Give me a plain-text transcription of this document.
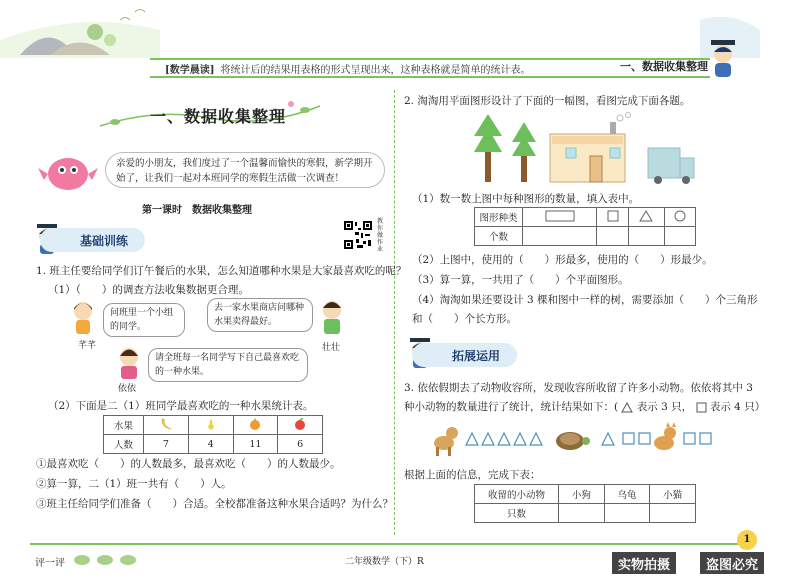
[数学晨读] 将统计后的结果用表格的形式呈现出来，这种表格就是简单的统计表。	一、数据收集整理
一、数据收集整理
亲爱的小朋友，我们度过了一个温馨而愉快的寒假，新学期开始了，让我们一起对本班同学的寒假生活做一次调查！
第一课时　数据收集整理
教你做作业
基础训练
1. 班主任要给同学们订午餐后的水果，怎么知道哪种水果是大家最喜欢吃的呢？
（1）（　　）的调查方法收集数据更合理。
芊芊
问班里一个小组的同学。
去一家水果商店问哪种水果卖得最好。
壮壮
依依
请全班每一名同学写下自己最喜欢吃的一种水果。
（2）下面是二（1）班同学最喜欢吃的一种水果统计表。
水果				
人数	7	4	11	6
①最喜欢吃（　　）的人数最多，最喜欢吃（　　）的人数最少。
②算一算，二（1）班一共有（　　）人。
③班主任给同学们准备（　　）合适。全校都准备这种水果合适吗？为什么？
2. 淘淘用平面图形设计了下面的一幅图，看图完成下面各题。
（1）数一数上图中每种图形的数量，填入表中。
图形种类				
个数				
（2）上图中，使用的（　　）形最多，使用的（　　）形最少。
（3）算一算，一共用了（　　）个平面图形。
（4）淘淘如果还要设计 3 棵和图中一样的树，需要添加（　　）个三角形
和（　　）个长方形。
拓展运用
3. 依依假期去了动物收容所，发现收容所收留了许多小动物。依依将其中 3
种小动物的数量进行了统计，统计结果如下：( 表示 3 只， 表示 4 只）
根据上面的信息，完成下表：
收留的小动物	小狗	乌龟	小猫
只数			
1
评一评	二年级数学（下）R	实物拍摄	盗图必究
